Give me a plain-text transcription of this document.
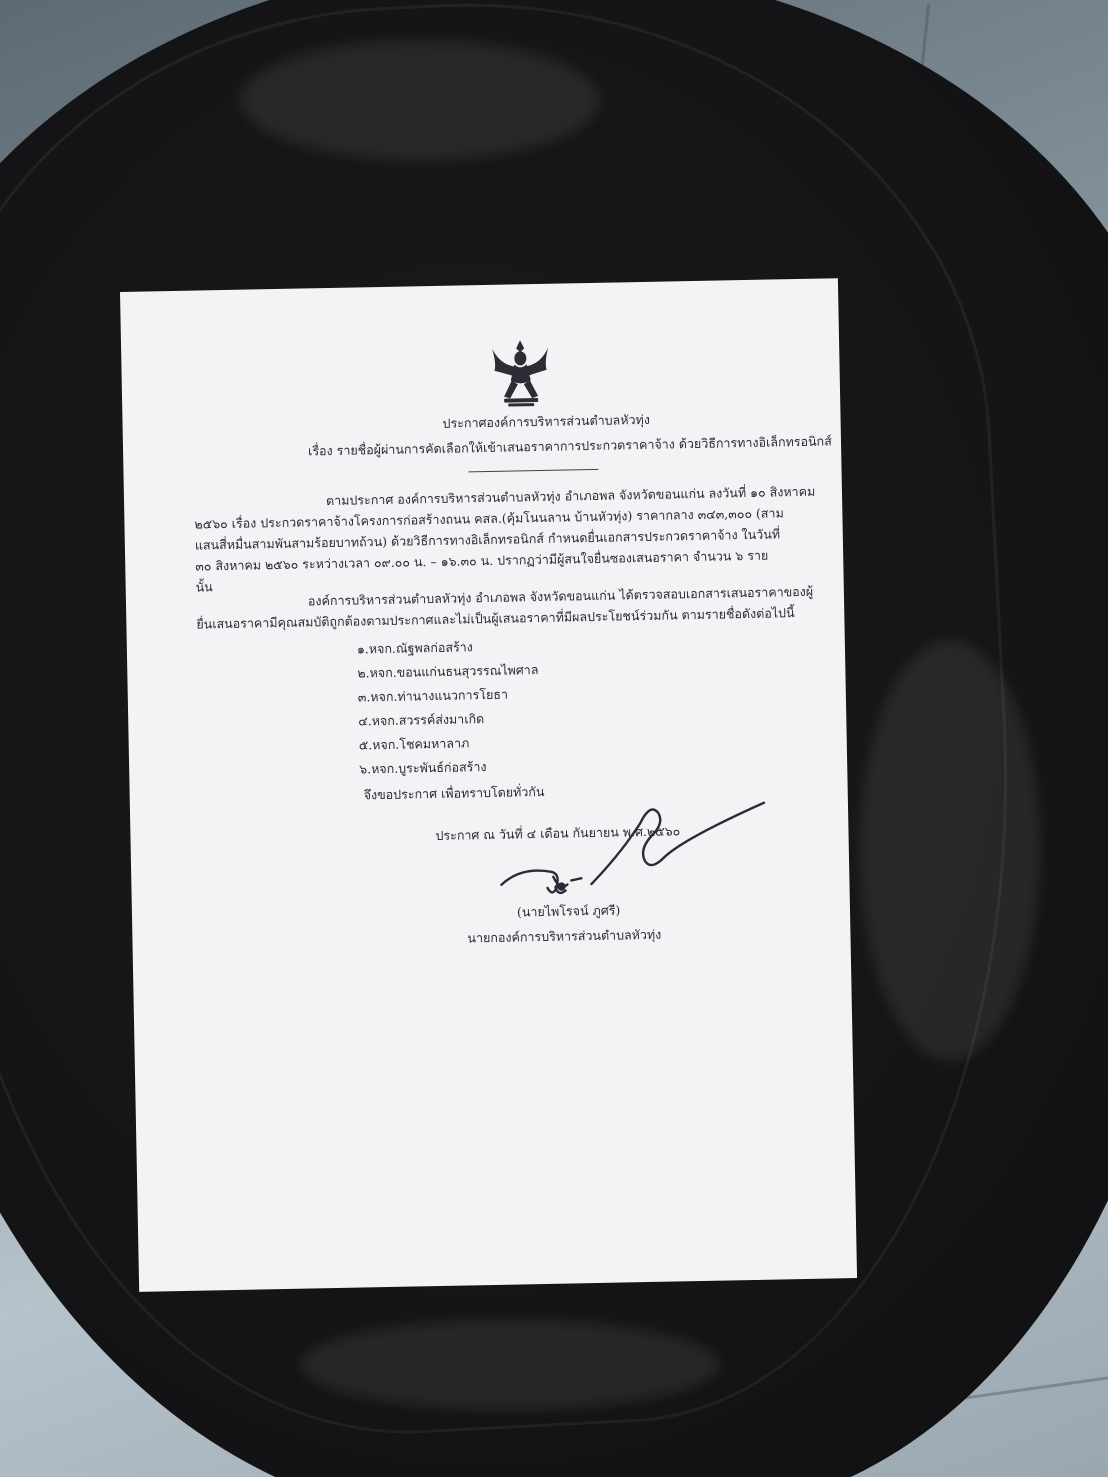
ประกาศองค์การบริหารส่วนตำบลหัวทุ่ง
เรื่อง รายชื่อผู้ผ่านการคัดเลือกให้เข้าเสนอราคาการประกวดราคาจ้าง ด้วยวิธีการทางอิเล็กทรอนิกส์
ตามประกาศ องค์การบริหารส่วนตำบลหัวทุ่ง อำเภอพล จังหวัดขอนแก่น ลงวันที่ ๑๐ สิงหาคม
๒๕๖๐ เรื่อง ประกวดราคาจ้างโครงการก่อสร้างถนน คสล.(คุ้มโนนลาน บ้านหัวทุ่ง) ราคากลาง ๓๔๓,๓๐๐ (สาม
แสนสี่หมื่นสามพันสามร้อยบาทถ้วน) ด้วยวิธีการทางอิเล็กทรอนิกส์ กำหนดยื่นเอกสารประกวดราคาจ้าง ในวันที่
๓๐ สิงหาคม ๒๕๖๐ ระหว่างเวลา ๐๙.๐๐ น. – ๑๖.๓๐ น. ปรากฏว่ามีผู้สนใจยื่นซองเสนอราคา จำนวน ๖ ราย
นั้น	องค์การบริหารส่วนตำบลหัวทุ่ง อำเภอพล จังหวัดขอนแก่น ได้ตรวจสอบเอกสารเสนอราคาของผู้
ยื่นเสนอราคามีคุณสมบัติถูกต้องตามประกาศและไม่เป็นผู้เสนอราคาที่มีผลประโยชน์ร่วมกัน ตามรายชื่อดังต่อไปนี้
๑.หจก.ณัฐพลก่อสร้าง
๒.หจก.ขอนแก่นธนสุวรรณไพศาล
๓.หจก.ท่านางแนวการโยธา
๔.หจก.สวรรค์ส่งมาเกิด
๕.หจก.โชคมหาลาภ
๖.หจก.บูระพันธ์ก่อสร้าง
จึงขอประกาศ เพื่อทราบโดยทั่วกัน
ประกาศ ณ วันที่ ๔ เดือน กันยายน พ.ศ.๒๕๖๐
(นายไพโรจน์ ภูศรี)
นายกองค์การบริหารส่วนตำบลหัวทุ่ง
